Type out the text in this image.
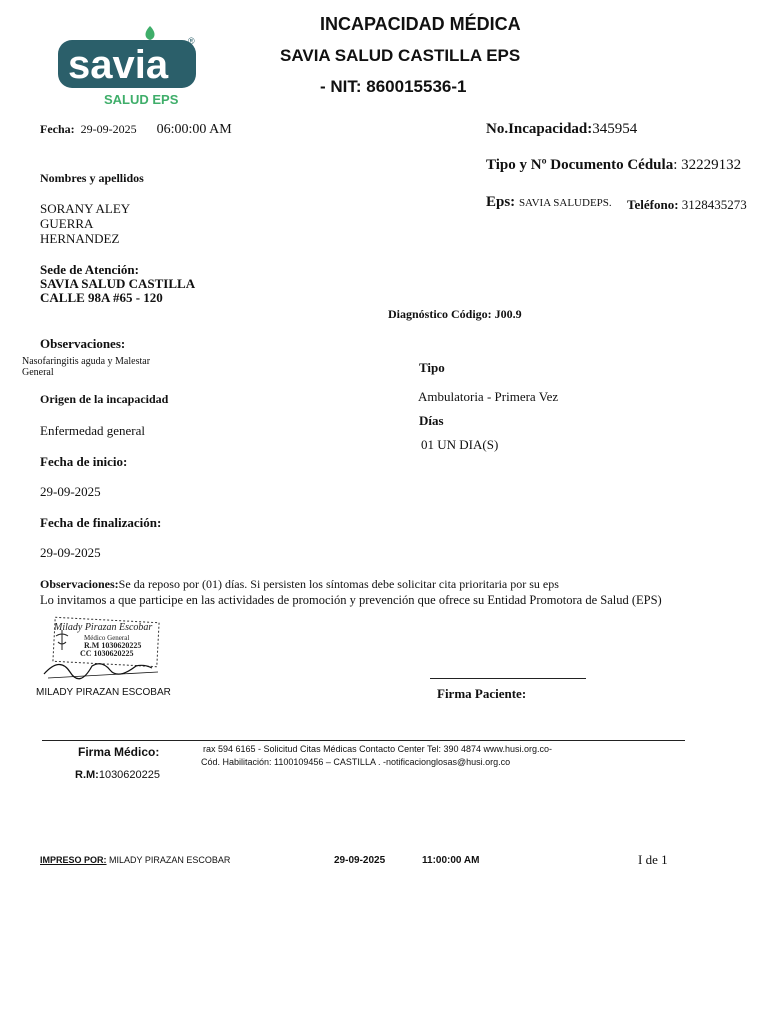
savia
®
SALUD EPS
INCAPACIDAD MÉDICA
SAVIA SALUD CASTILLA EPS
- NIT: 860015536-1
Fecha: 29-09-2025 06:00:00 AM	No.Incapacidad:345954
Tipo y Nº Documento Cédula: 32229132
Eps: SAVIA SALUDEPS. Teléfono: 3128435273
Nombres y apellidos
SORANY ALEY
GUERRA
HERNANDEZ
Sede de Atención:
SAVIA SALUD CASTILLA
CALLE 98A #65 - 120
Diagnóstico Código: J00.9
Observaciones:
Nasofaringitis aguda y Malestar
General	Tipo
Ambulatoria - Primera Vez
Días
01 UN DIA(S)
Origen de la incapacidad
Enfermedad general
Fecha de inicio:
29-09-2025
Fecha de finalización:
29-09-2025
Observaciones:Se da reposo por (01) días. Si persisten los síntomas debe solicitar cita prioritaria por su eps
Lo invitamos a que participe en las actividades de promoción y prevención que ofrece su Entidad Promotora de Salud (EPS)
Milady Pirazan Escobar
Médico General
R.M 1030620225
CC 1030620225
MILADY PIRAZAN ESCOBAR	Firma Paciente:
Firma Médico:
R.M:1030620225
rax 594 6165 - Solicitud Citas Médicas Contacto Center Tel: 390 4874 www.husi.org.co-
Cód. Habilitación: 1100109456 – CASTILLA . -notificacionglosas@husi.org.co
IMPRESO POR: MILADY PIRAZAN ESCOBAR	29-09-2025	11:00:00 AM	I de 1
